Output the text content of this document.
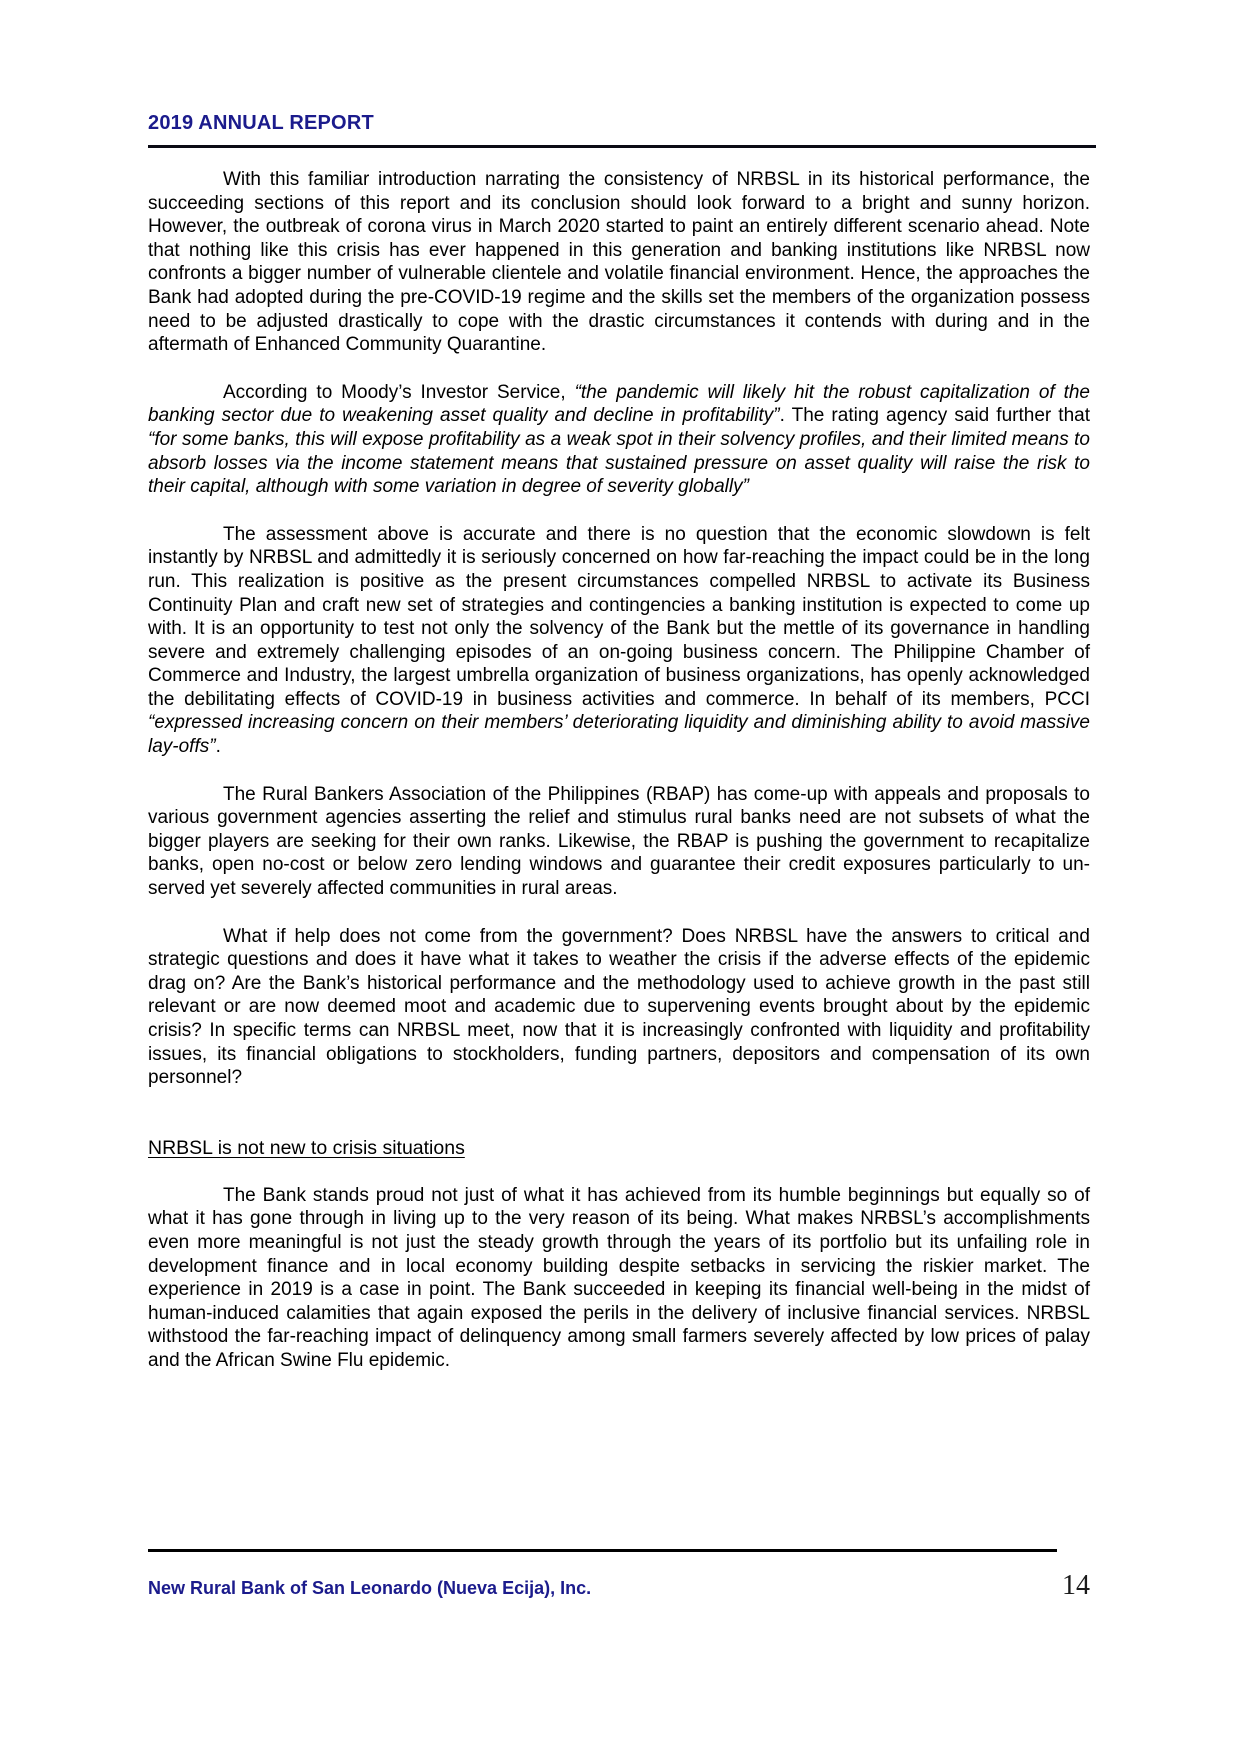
2019 ANNUAL REPORT

With this familiar introduction narrating the consistency of NRBSL in its historical performance, the succeeding sections of this report and its conclusion should look forward to a bright and sunny horizon. However, the outbreak of corona virus in March 2020 started to paint an entirely different scenario ahead. Note that nothing like this crisis has ever happened in this generation and banking institutions like NRBSL now confronts a bigger number of vulnerable clientele and volatile financial environment. Hence, the approaches the Bank had adopted during the pre-COVID-19 regime and the skills set the members of the organization possess need to be adjusted drastically to cope with the drastic circumstances it contends with during and in the aftermath of Enhanced Community Quarantine.

According to Moody’s Investor Service, “the pandemic will likely hit the robust capitalization of the banking sector due to weakening asset quality and decline in profitability”. The rating agency said further that “for some banks, this will expose profitability as a weak spot in their solvency profiles, and their limited means to absorb losses via the income statement means that sustained pressure on asset quality will raise the risk to their capital, although with some variation in degree of severity globally”

The assessment above is accurate and there is no question that the economic slowdown is felt instantly by NRBSL and admittedly it is seriously concerned on how far-reaching the impact could be in the long run. This realization is positive as the present circumstances compelled NRBSL to activate its Business Continuity Plan and craft new set of strategies and contingencies a banking institution is expected to come up with. It is an opportunity to test not only the solvency of the Bank but the mettle of its governance in handling severe and extremely challenging episodes of an on-going business concern. The Philippine Chamber of Commerce and Industry, the largest umbrella organization of business organizations, has openly acknowledged the debilitating effects of COVID-19 in business activities and commerce. In behalf of its members, PCCI “expressed increasing concern on their members’ deteriorating liquidity and diminishing ability to avoid massive lay-offs”.

The Rural Bankers Association of the Philippines (RBAP) has come-up with appeals and proposals to various government agencies asserting the relief and stimulus rural banks need are not subsets of what the bigger players are seeking for their own ranks. Likewise, the RBAP is pushing the government to recapitalize banks, open no-cost or below zero lending windows and guarantee their credit exposures particularly to un-served yet severely affected communities in rural areas.

What if help does not come from the government? Does NRBSL have the answers to critical and strategic questions and does it have what it takes to weather the crisis if the adverse effects of the epidemic drag on? Are the Bank’s historical performance and the methodology used to achieve growth in the past still relevant or are now deemed moot and academic due to supervening events brought about by the epidemic crisis? In specific terms can NRBSL meet, now that it is increasingly confronted with liquidity and profitability issues, its financial obligations to stockholders, funding partners, depositors and compensation of its own personnel?

NRBSL is not new to crisis situations

The Bank stands proud not just of what it has achieved from its humble beginnings but equally so of what it has gone through in living up to the very reason of its being. What makes NRBSL’s accomplishments even more meaningful is not just the steady growth through the years of its portfolio but its unfailing role in development finance and in local economy building despite setbacks in servicing the riskier market. The experience in 2019 is a case in point. The Bank succeeded in keeping its financial well-being in the midst of human-induced calamities that again exposed the perils in the delivery of inclusive financial services. NRBSL withstood the far-reaching impact of delinquency among small farmers severely affected by low prices of palay and the African Swine Flu epidemic.

New Rural Bank of San Leonardo (Nueva Ecija), Inc.	14
